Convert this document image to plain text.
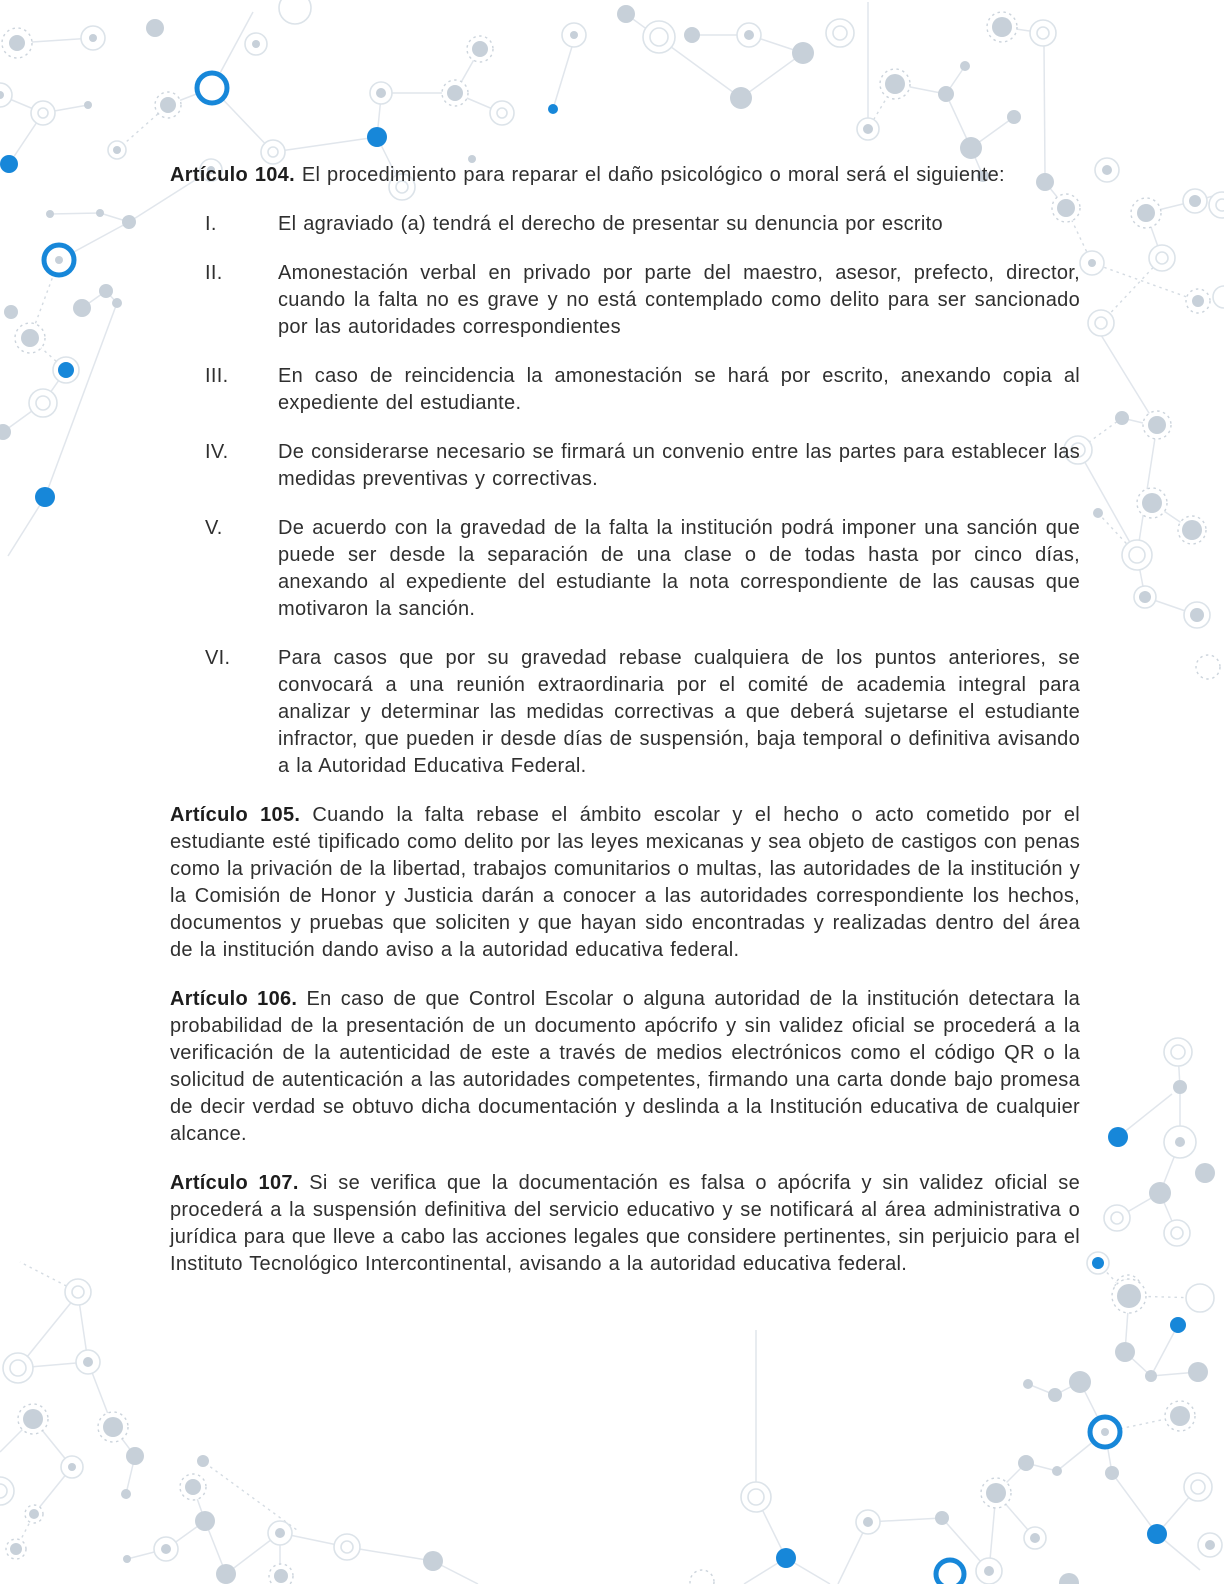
Artículo 104. El procedimiento para reparar el daño psicológico o moral será el siguiente:

I.	El agraviado (a) tendrá el derecho de presentar su denuncia por escrito
II.	Amonestación verbal en privado por parte del maestro, asesor, prefecto, director, cuando la falta no es grave y no está contemplado como delito para ser sancionado por las autoridades correspondientes
III.	En caso de reincidencia la amonestación se hará por escrito, anexando copia al expediente del estudiante.
IV.	De considerarse necesario se firmará un convenio entre las partes para establecer las medidas preventivas y correctivas.
V.	De acuerdo con la gravedad de la falta la institución podrá imponer una sanción que puede ser desde la separación de una clase o de todas hasta por cinco días, anexando al expediente del estudiante la nota correspondiente de las causas que motivaron la sanción.
VI.	Para casos que por su gravedad rebase cualquiera de los puntos anteriores, se convocará a una reunión extraordinaria por el comité de academia integral para analizar y determinar las medidas correctivas a que deberá sujetarse el estudiante infractor, que pueden ir desde días de suspensión, baja temporal o definitiva avisando a la Autoridad Educativa Federal.

Artículo 105. Cuando la falta rebase el ámbito escolar y el hecho o acto cometido por el estudiante esté tipificado como delito por las leyes mexicanas y sea objeto de castigos con penas como la privación de la libertad, trabajos comunitarios o multas, las autoridades de la institución y la Comisión de Honor y Justicia darán a conocer a las autoridades correspondiente los hechos, documentos y pruebas que soliciten y que hayan sido encontradas y realizadas dentro del área de la institución dando aviso a la autoridad educativa federal.

Artículo 106. En caso de que Control Escolar o alguna autoridad de la institución detectara la probabilidad de la presentación de un documento apócrifo y sin validez oficial se procederá a la verificación de la autenticidad de este a través de medios electrónicos como el código QR o la solicitud de autenticación a las autoridades competentes, firmando una carta donde bajo promesa de decir verdad se obtuvo dicha documentación y deslinda a la Institución educativa de cualquier alcance.

Artículo 107. Si se verifica que la documentación es falsa o apócrifa y sin validez oficial se procederá a la suspensión definitiva del servicio educativo y se notificará al área administrativa o jurídica para que lleve a cabo las acciones legales que considere pertinentes, sin perjuicio para el Instituto Tecnológico Intercontinental, avisando a la autoridad educativa federal.
